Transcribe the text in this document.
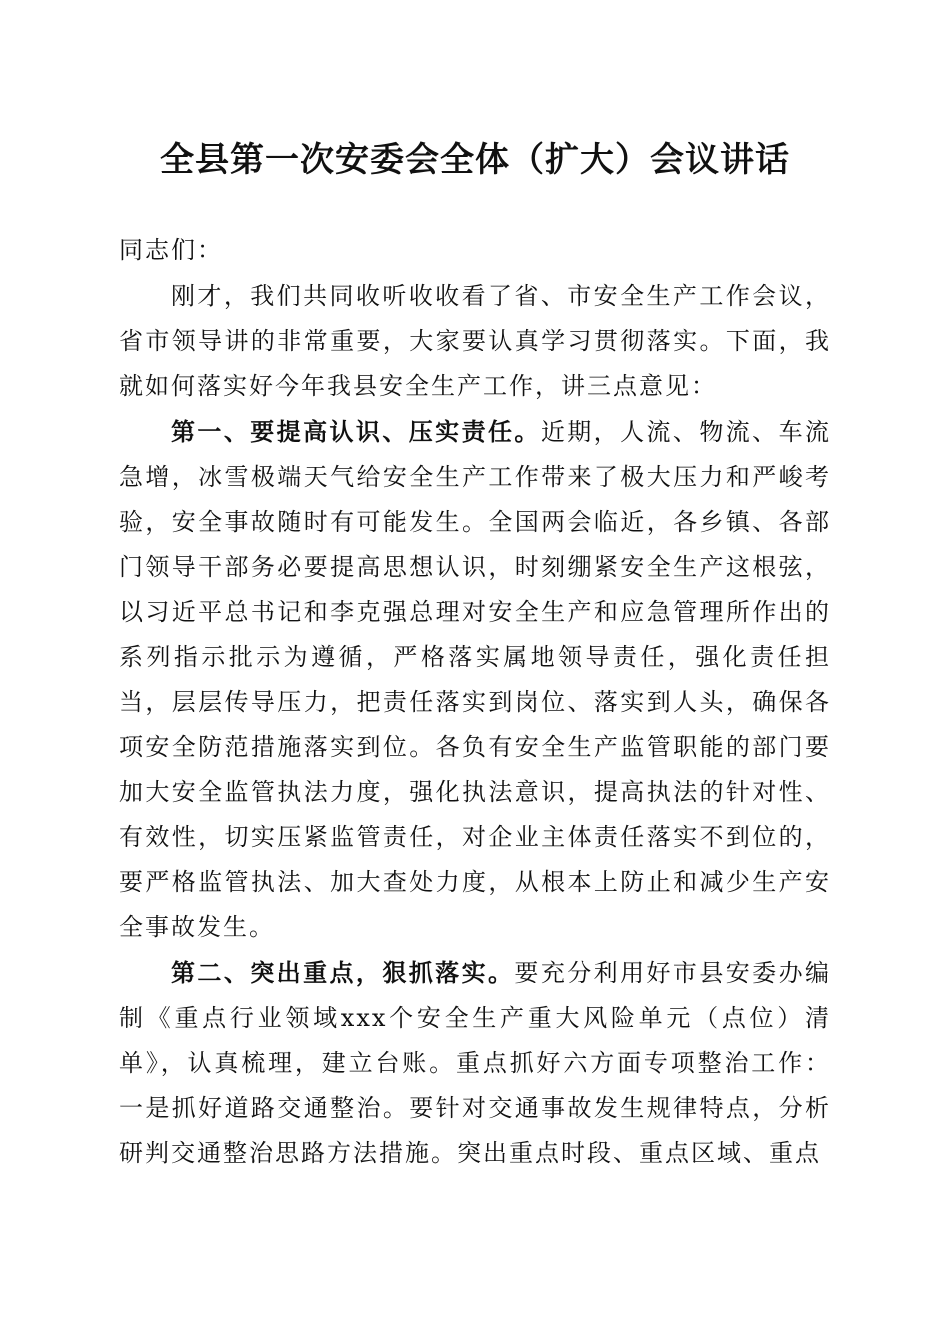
全县第一次安委会全体（扩大）会议讲话

同志们：

刚才，我们共同收听收收看了省、市安全生产工作会议，省市领导讲的非常重要，大家要认真学习贯彻落实。下面，我就如何落实好今年我县安全生产工作，讲三点意见：

第一、要提高认识、压实责任。近期，人流、物流、车流急增，冰雪极端天气给安全生产工作带来了极大压力和严峻考验，安全事故随时有可能发生。全国两会临近，各乡镇、各部门领导干部务必要提高思想认识，时刻绷紧安全生产这根弦，以习近平总书记和李克强总理对安全生产和应急管理所作出的系列指示批示为遵循，严格落实属地领导责任，强化责任担当，层层传导压力，把责任落实到岗位、落实到人头，确保各项安全防范措施落实到位。各负有安全生产监管职能的部门要加大安全监管执法力度，强化执法意识，提高执法的针对性、有效性，切实压紧监管责任，对企业主体责任落实不到位的，要严格监管执法、加大查处力度，从根本上防止和减少生产安全事故发生。

第二、突出重点，狠抓落实。要充分利用好市县安委办编制《重点行业领域xxx个安全生产重大风险单元（点位）清单》，认真梳理，建立台账。重点抓好六方面专项整治工作：一是抓好道路交通整治。要针对交通事故发生规律特点，分析研判交通整治思路方法措施。突出重点时段、重点区域、重点
